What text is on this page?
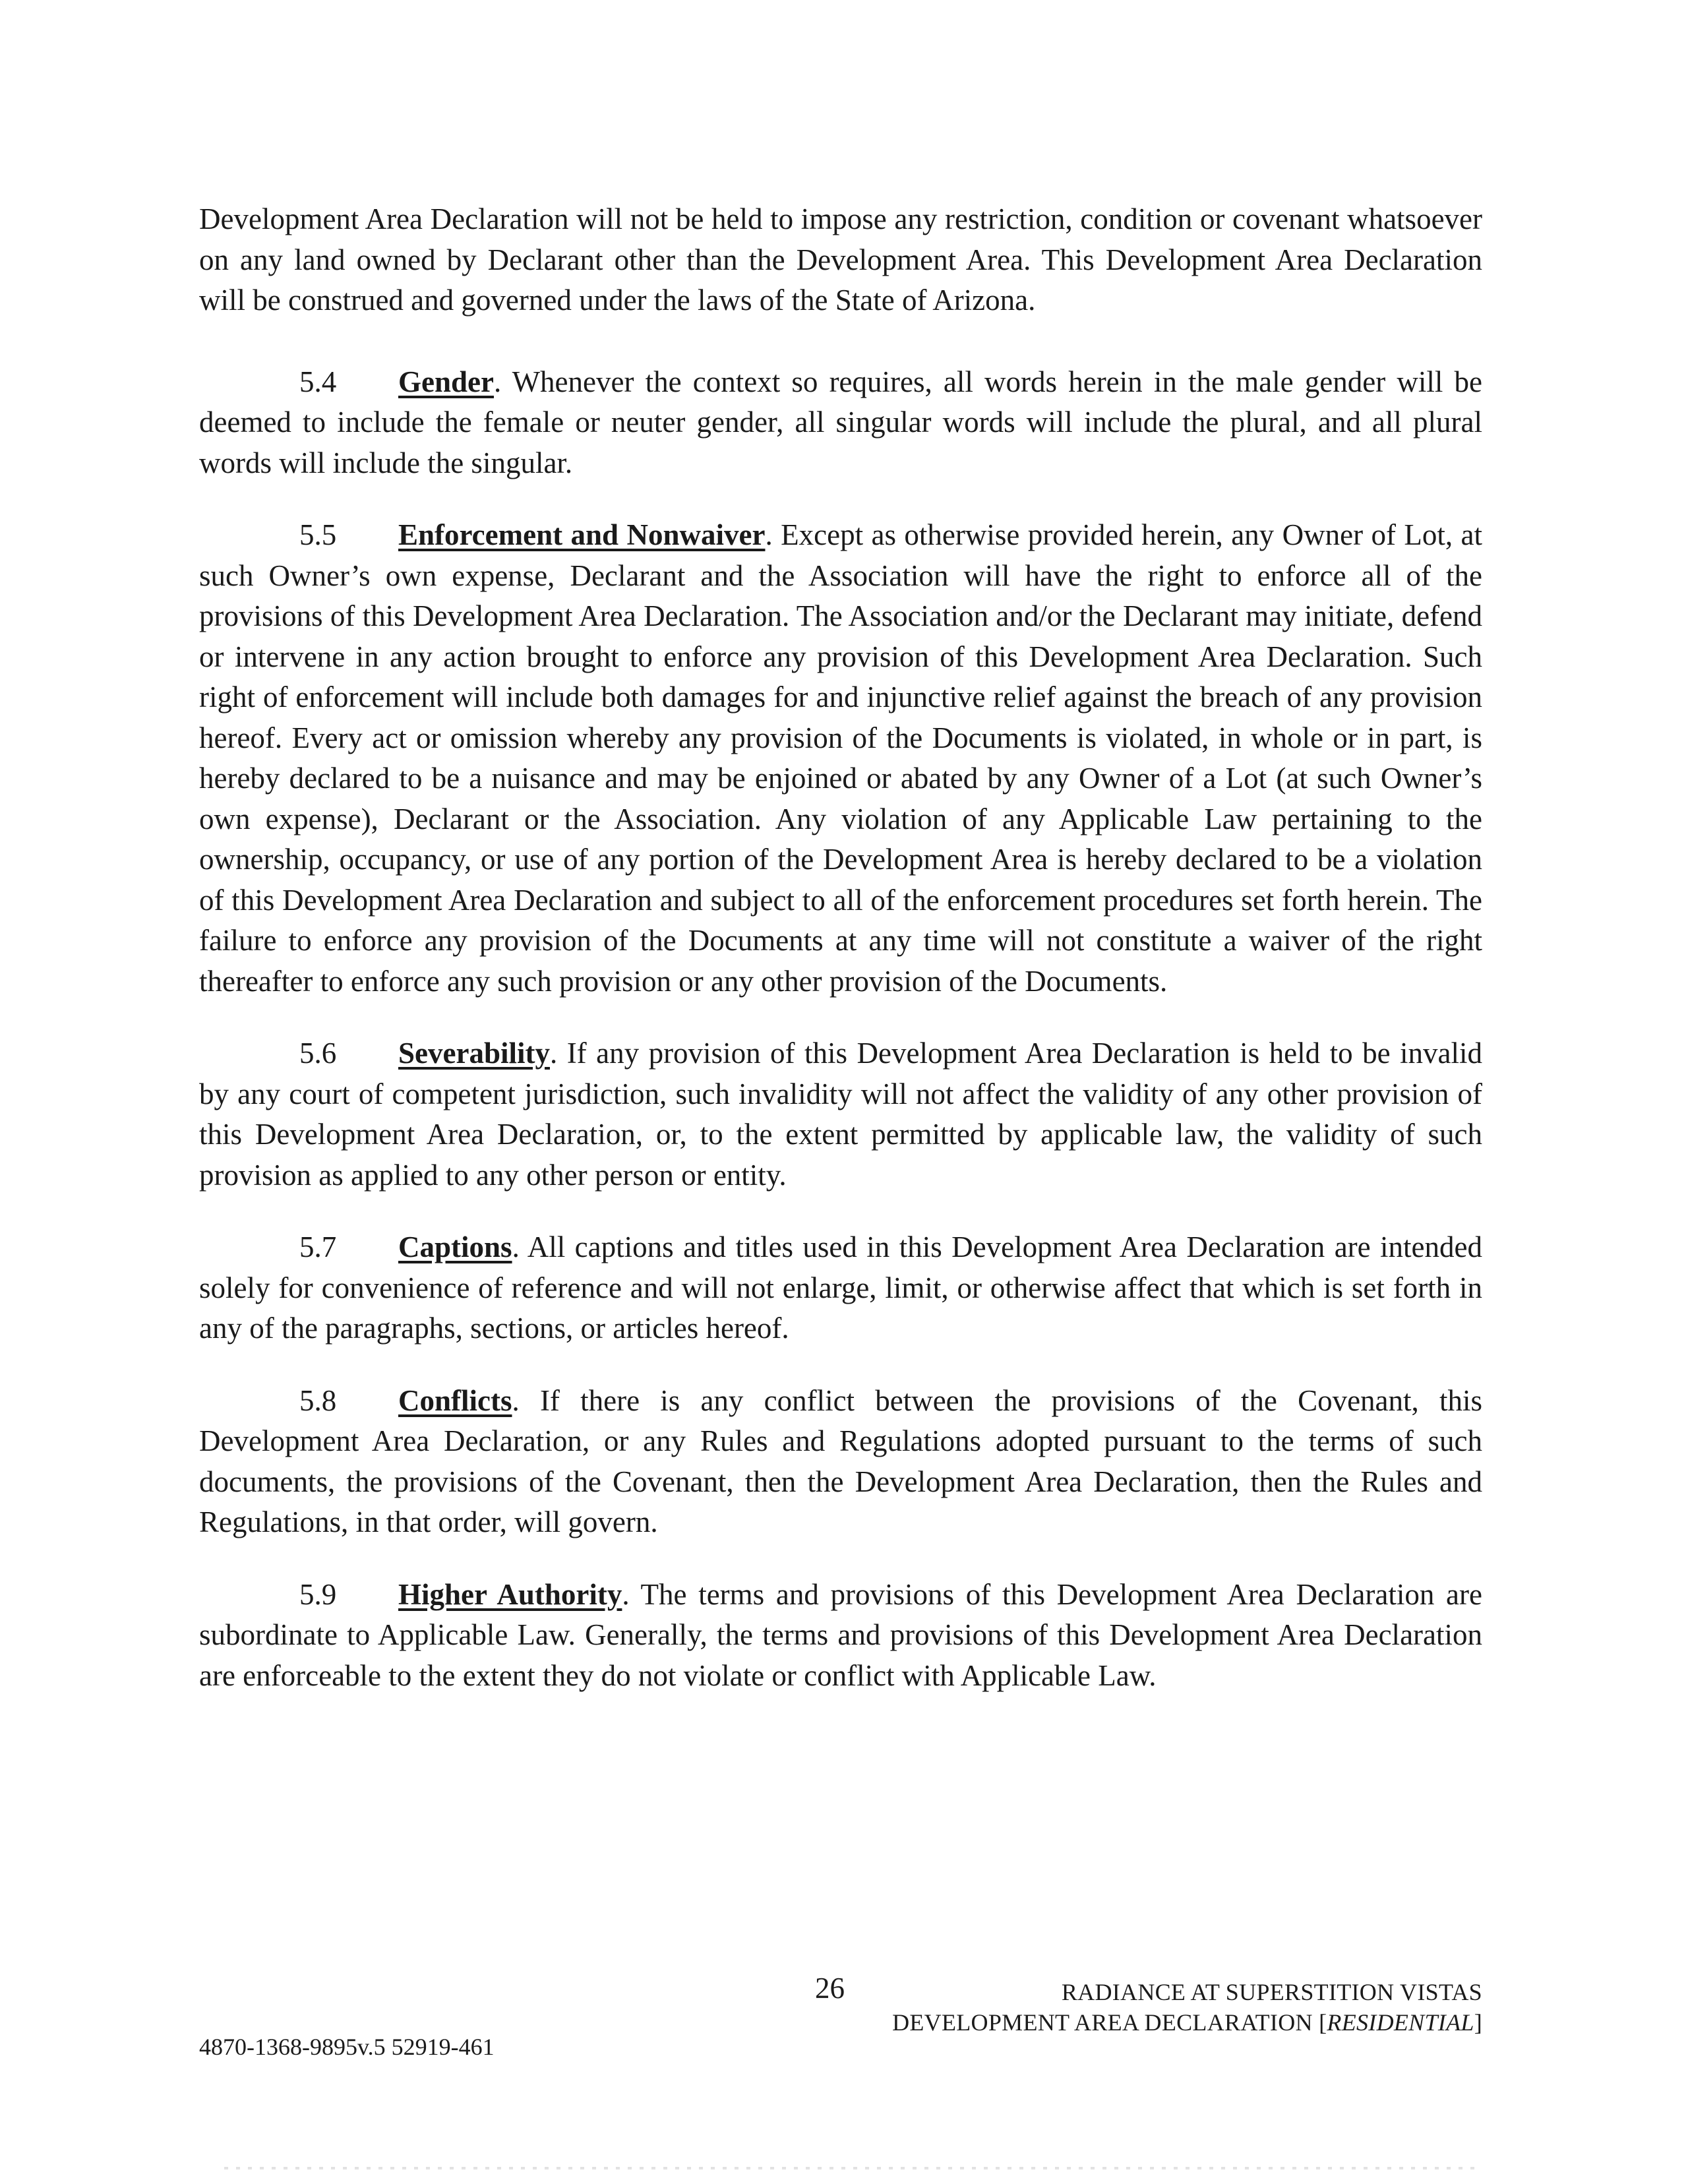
Development Area Declaration will not be held to impose any restriction, condition or covenant whatsoever on any land owned by Declarant other than the Development Area. This Development Area Declaration will be construed and governed under the laws of the State of Arizona.

5.4 Gender. Whenever the context so requires, all words herein in the male gender will be deemed to include the female or neuter gender, all singular words will include the plural, and all plural words will include the singular.

5.5 Enforcement and Nonwaiver. Except as otherwise provided herein, any Owner of Lot, at such Owner’s own expense, Declarant and the Association will have the right to enforce all of the provisions of this Development Area Declaration. The Association and/or the Declarant may initiate, defend or intervene in any action brought to enforce any provision of this Development Area Declaration. Such right of enforcement will include both damages for and injunctive relief against the breach of any provision hereof. Every act or omission whereby any provision of the Documents is violated, in whole or in part, is hereby declared to be a nuisance and may be enjoined or abated by any Owner of a Lot (at such Owner’s own expense), Declarant or the Association. Any violation of any Applicable Law pertaining to the ownership, occupancy, or use of any portion of the Development Area is hereby declared to be a violation of this Development Area Declaration and subject to all of the enforcement procedures set forth herein. The failure to enforce any provision of the Documents at any time will not constitute a waiver of the right thereafter to enforce any such provision or any other provision of the Documents.

5.6 Severability. If any provision of this Development Area Declaration is held to be invalid by any court of competent jurisdiction, such invalidity will not affect the validity of any other provision of this Development Area Declaration, or, to the extent permitted by applicable law, the validity of such provision as applied to any other person or entity.

5.7 Captions. All captions and titles used in this Development Area Declaration are intended solely for convenience of reference and will not enlarge, limit, or otherwise affect that which is set forth in any of the paragraphs, sections, or articles hereof.

5.8 Conflicts. If there is any conflict between the provisions of the Covenant, this Development Area Declaration, or any Rules and Regulations adopted pursuant to the terms of such documents, the provisions of the Covenant, then the Development Area Declaration, then the Rules and Regulations, in that order, will govern.

5.9 Higher Authority. The terms and provisions of this Development Area Declaration are subordinate to Applicable Law. Generally, the terms and provisions of this Development Area Declaration are enforceable to the extent they do not violate or conflict with Applicable Law.

26	RADIANCE AT SUPERSTITION VISTAS
DEVELOPMENT AREA DECLARATION [RESIDENTIAL]
4870-1368-9895v.5 52919-461
